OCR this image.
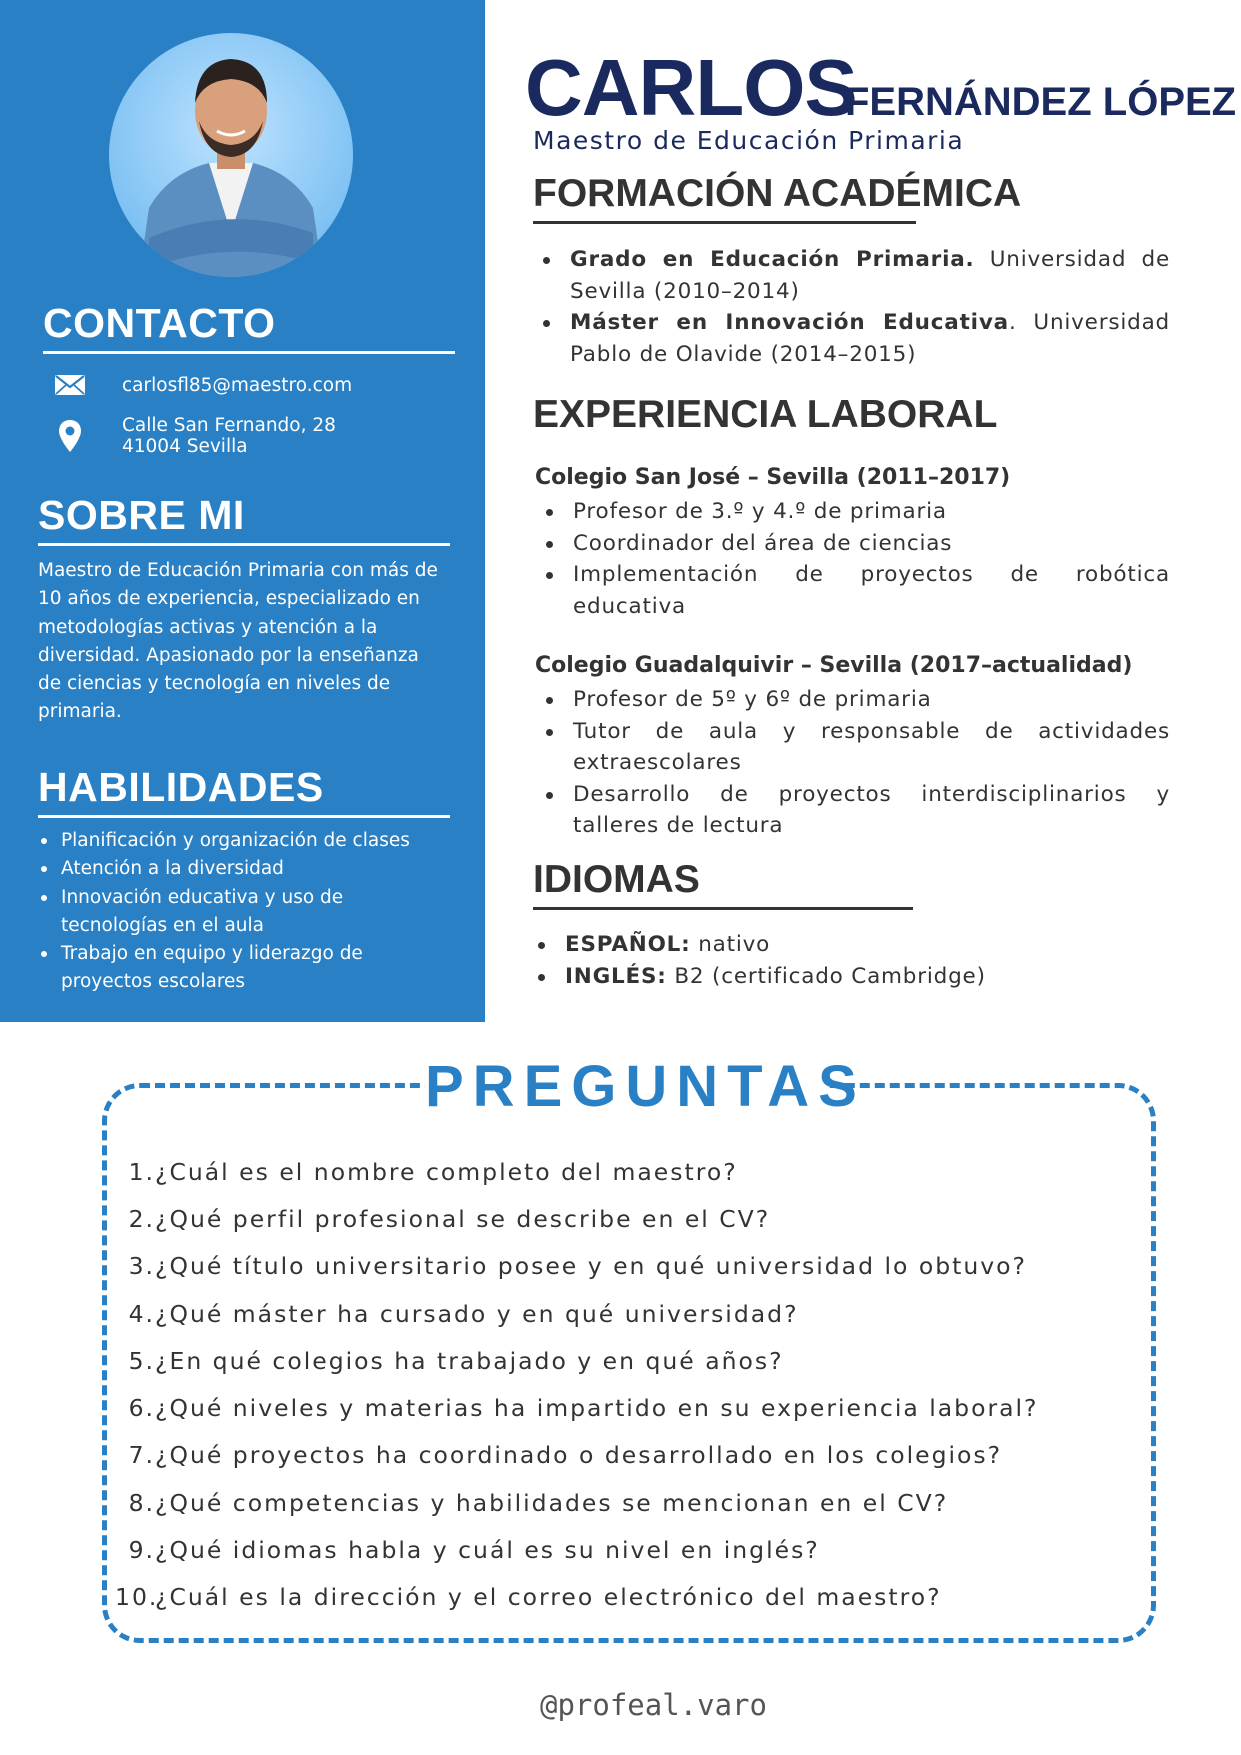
CONTACTO
carlosfl85@maestro.com
Calle San Fernando, 28
41004 Sevilla
SOBRE MI

Maestro de Educación Primaria con más de 10 años de experiencia, especializado en metodologías activas y atención a la diversidad. Apasionado por la enseñanza de ciencias y tecnología en niveles de primaria.

HABILIDADES
Planificación y organización de clases
Atención a la diversidad
Innovación educativa y uso de tecnologías en el aula
Trabajo en equipo y liderazgo de proyectos escolares
CARLOS
FERNÁNDEZ LÓPEZ

Maestro de Educación Primaria

FORMACIÓN ACADÉMICA
Grado en Educación Primaria. Universidad de Sevilla (2010–2014)
Máster en Innovación Educativa. Universidad Pablo de Olavide (2014–2015)
EXPERIENCIA LABORAL

Colegio San José – Sevilla (2011–2017)

Profesor de 3.º y 4.º de primaria
Coordinador del área de ciencias
Implementación de proyectos de robótica educativa

Colegio Guadalquivir – Sevilla (2017–actualidad)

Profesor de 5º y 6º de primaria
Tutor de aula y responsable de actividades extraescolares
Desarrollo de proyectos interdisciplinarios y talleres de lectura
IDIOMAS
ESPAÑOL: nativo
INGLÉS: B2 (certificado Cambridge)
PREGUNTAS
1. ¿Cuál es el nombre completo del maestro?
2. ¿Qué perfil profesional se describe en el CV?
3. ¿Qué título universitario posee y en qué universidad lo obtuvo?
4. ¿Qué máster ha cursado y en qué universidad?
5. ¿En qué colegios ha trabajado y en qué años?
6. ¿Qué niveles y materias ha impartido en su experiencia laboral?
7. ¿Qué proyectos ha coordinado o desarrollado en los colegios?
8. ¿Qué competencias y habilidades se mencionan en el CV?
9. ¿Qué idiomas habla y cuál es su nivel en inglés?
10.
¿Cuál es la dirección y el correo electrónico del maestro?

@profeal.varo
